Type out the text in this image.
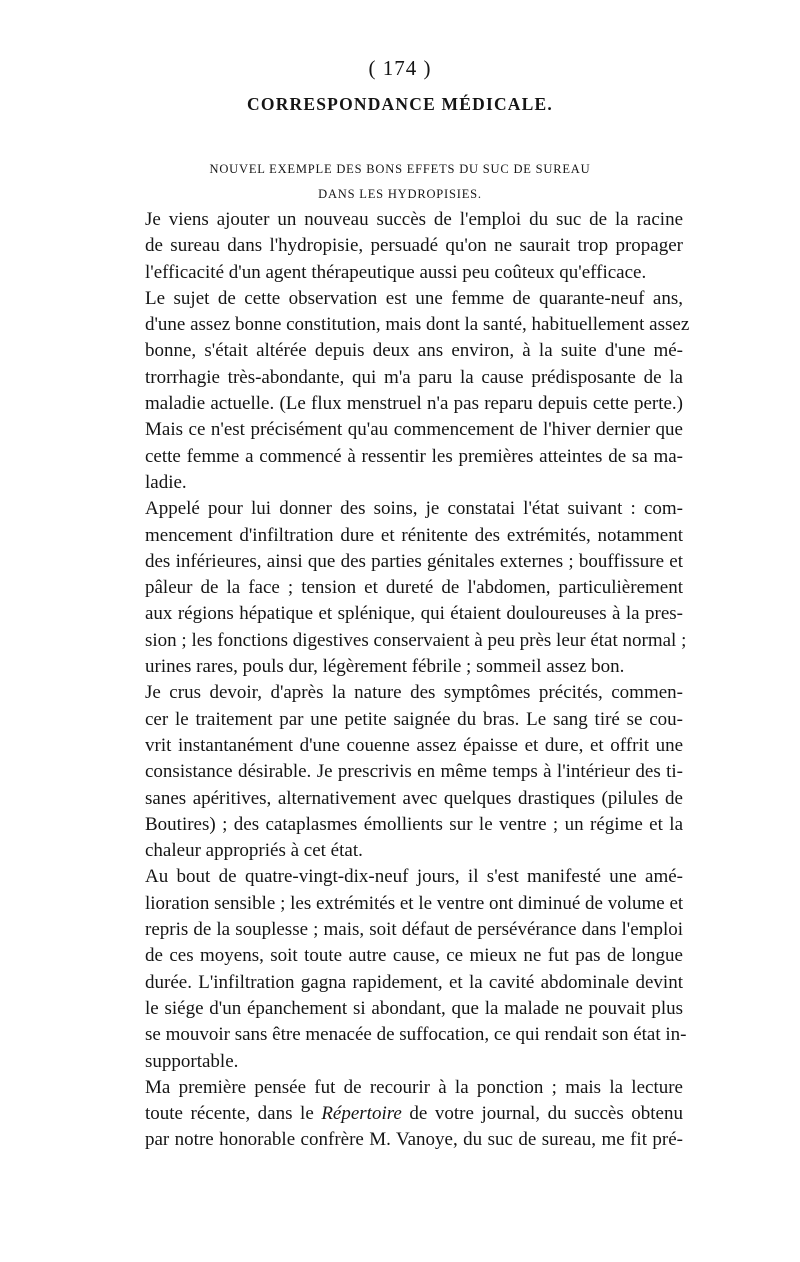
( 174 )
CORRESPONDANCE MÉDICALE.
NOUVEL EXEMPLE DES BONS EFFETS DU SUC DE SUREAU
DANS LES HYDROPISIES.

Je viens ajouter un nouveau succès de l'emploi du suc de la racine
de sureau dans l'hydropisie, persuadé qu'on ne saurait trop propager
l'efficacité d'un agent thérapeutique aussi peu coûteux qu'efficace.

Le sujet de cette observation est une femme de quarante-neuf ans,
d'une assez bonne constitution, mais dont la santé, habituellement assez
bonne, s'était altérée depuis deux ans environ, à la suite d'une mé-
trorrhagie très-abondante, qui m'a paru la cause prédisposante de la
maladie actuelle. (Le flux menstruel n'a pas reparu depuis cette perte.)
Mais ce n'est précisément qu'au commencement de l'hiver dernier que
cette femme a commencé à ressentir les premières atteintes de sa ma-
ladie.

Appelé pour lui donner des soins, je constatai l'état suivant : com-
mencement d'infiltration dure et rénitente des extrémités, notamment
des inférieures, ainsi que des parties génitales externes ; bouffissure et
pâleur de la face ; tension et dureté de l'abdomen, particulièrement
aux régions hépatique et splénique, qui étaient douloureuses à la pres-
sion ; les fonctions digestives conservaient à peu près leur état normal ;
urines rares, pouls dur, légèrement fébrile ; sommeil assez bon.

Je crus devoir, d'après la nature des symptômes précités, commen-
cer le traitement par une petite saignée du bras. Le sang tiré se cou-
vrit instantanément d'une couenne assez épaisse et dure, et offrit une
consistance désirable. Je prescrivis en même temps à l'intérieur des ti-
sanes apéritives, alternativement avec quelques drastiques (pilules de
Boutires) ; des cataplasmes émollients sur le ventre ; un régime et la
chaleur appropriés à cet état.

Au bout de quatre-vingt-dix-neuf jours, il s'est manifesté une amé-
lioration sensible ; les extrémités et le ventre ont diminué de volume et
repris de la souplesse ; mais, soit défaut de persévérance dans l'emploi
de ces moyens, soit toute autre cause, ce mieux ne fut pas de longue
durée. L'infiltration gagna rapidement, et la cavité abdominale devint
le siége d'un épanchement si abondant, que la malade ne pouvait plus
se mouvoir sans être menacée de suffocation, ce qui rendait son état in-
supportable.

Ma première pensée fut de recourir à la ponction ; mais la lecture
toute récente, dans le Répertoire de votre journal, du succès obtenu
par notre honorable confrère M. Vanoye, du suc de sureau, me fit pré-
